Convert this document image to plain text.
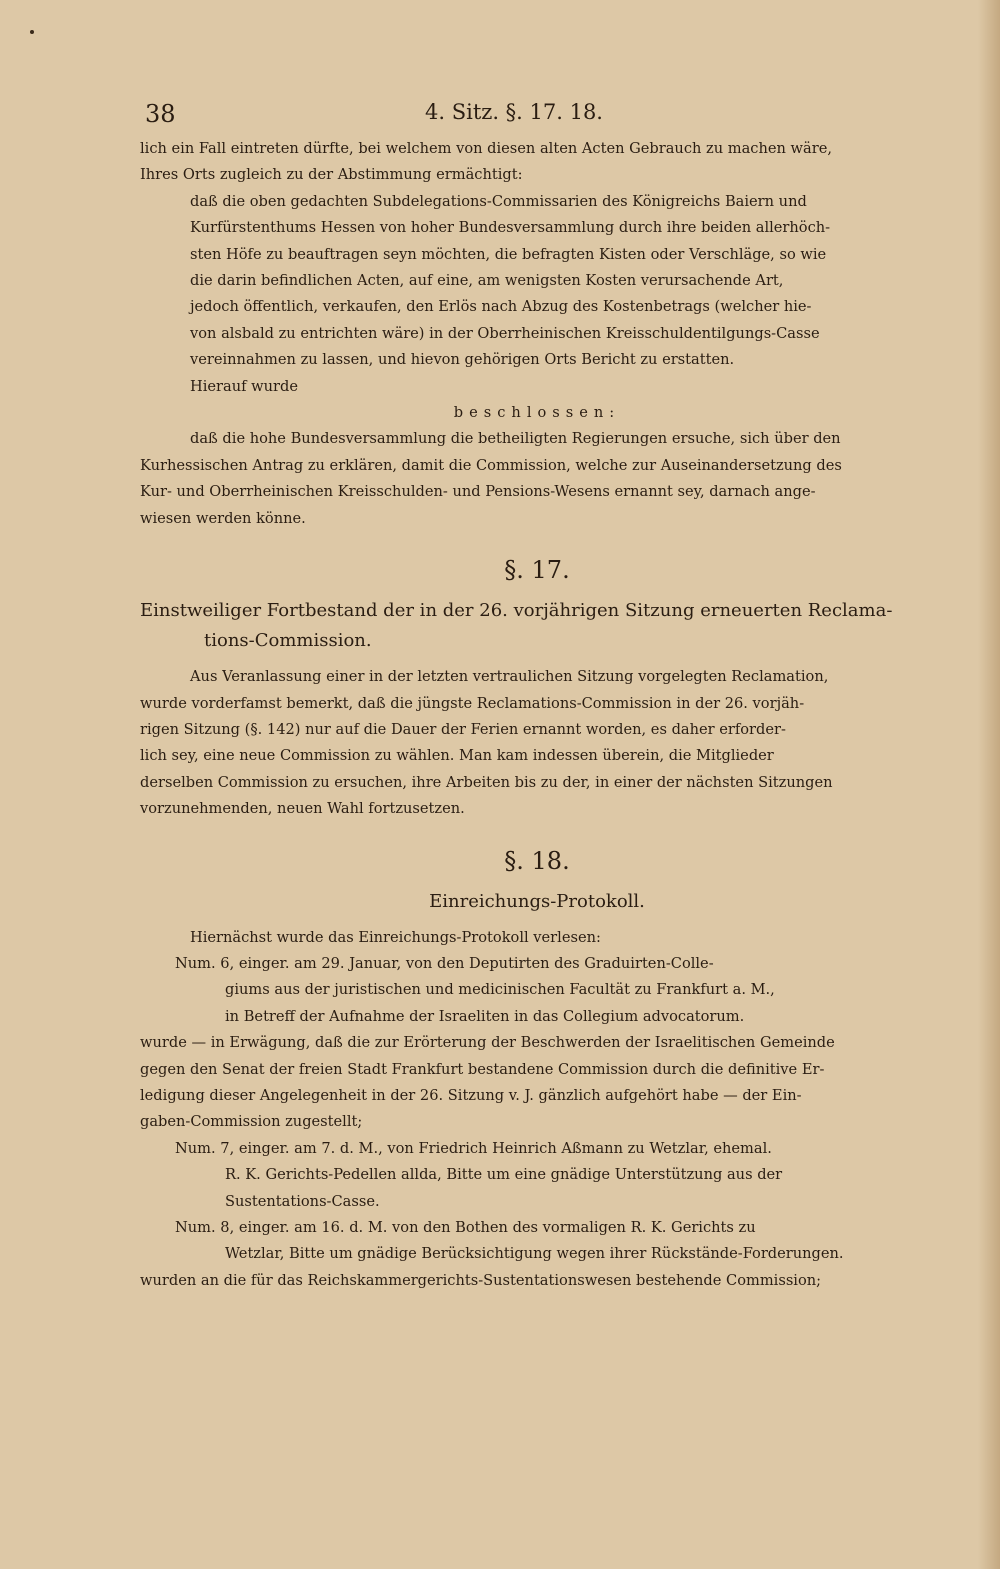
38	4. Sitz. §. 17. 18.

lich ein Fall eintreten dürfte, bei welchem von diesen alten Acten Gebrauch zu machen wäre,

Ihres Orts zugleich zu der Abstimmung ermächtigt:

daß die oben gedachten Subdelegations-Commissarien des Königreichs Baiern und

Kurfürstenthums Hessen von hoher Bundesversammlung durch ihre beiden allerhöch-

sten Höfe zu beauftragen seyn möchten, die befragten Kisten oder Verschläge, so wie

die darin befindlichen Acten, auf eine, am wenigsten Kosten verursachende Art,

jedoch öffentlich, verkaufen, den Erlös nach Abzug des Kostenbetrags (welcher hie-

von alsbald zu entrichten wäre) in der Oberrheinischen Kreisschuldentilgungs-Casse

vereinnahmen zu lassen, und hievon gehörigen Orts Bericht zu erstatten.

Hierauf wurde

beschlossen:

daß die hohe Bundesversammlung die betheiligten Regierungen ersuche, sich über den

Kurhessischen Antrag zu erklären, damit die Commission, welche zur Auseinandersetzung des

Kur- und Oberrheinischen Kreisschulden- und Pensions-Wesens ernannt sey, darnach ange-

wiesen werden könne.

§. 17.

Einstweiliger Fortbestand der in der 26. vorjährigen Sitzung erneuerten Reclama-

tions-Commission.

Aus Veranlassung einer in der letzten vertraulichen Sitzung vorgelegten Reclamation,

wurde vorderfamst bemerkt, daß die jüngste Reclamations-Commission in der 26. vorjäh-

rigen Sitzung (§. 142) nur auf die Dauer der Ferien ernannt worden, es daher erforder-

lich sey, eine neue Commission zu wählen. Man kam indessen überein, die Mitglieder

derselben Commission zu ersuchen, ihre Arbeiten bis zu der, in einer der nächsten Sitzungen

vorzunehmenden, neuen Wahl fortzusetzen.

§. 18.

Einreichungs-Protokoll.

Hiernächst wurde das Einreichungs-Protokoll verlesen:

Num. 6, einger. am 29. Januar, von den Deputirten des Graduirten-Colle-

giums aus der juristischen und medicinischen Facultät zu Frankfurt a. M.,

in Betreff der Aufnahme der Israeliten in das Collegium advocatorum.

wurde — in Erwägung, daß die zur Erörterung der Beschwerden der Israelitischen Gemeinde

gegen den Senat der freien Stadt Frankfurt bestandene Commission durch die definitive Er-

ledigung dieser Angelegenheit in der 26. Sitzung v. J. gänzlich aufgehört habe — der Ein-

gaben-Commission zugestellt;

Num. 7, einger. am 7. d. M., von Friedrich Heinrich Aßmann zu Wetzlar, ehemal.

R. K. Gerichts-Pedellen allda, Bitte um eine gnädige Unterstützung aus der

Sustentations-Casse.

Num. 8, einger. am 16. d. M. von den Bothen des vormaligen R. K. Gerichts zu

Wetzlar, Bitte um gnädige Berücksichtigung wegen ihrer Rückstände-Forderungen.

wurden an die für das Reichskammergerichts-Sustentationswesen bestehende Commission;
